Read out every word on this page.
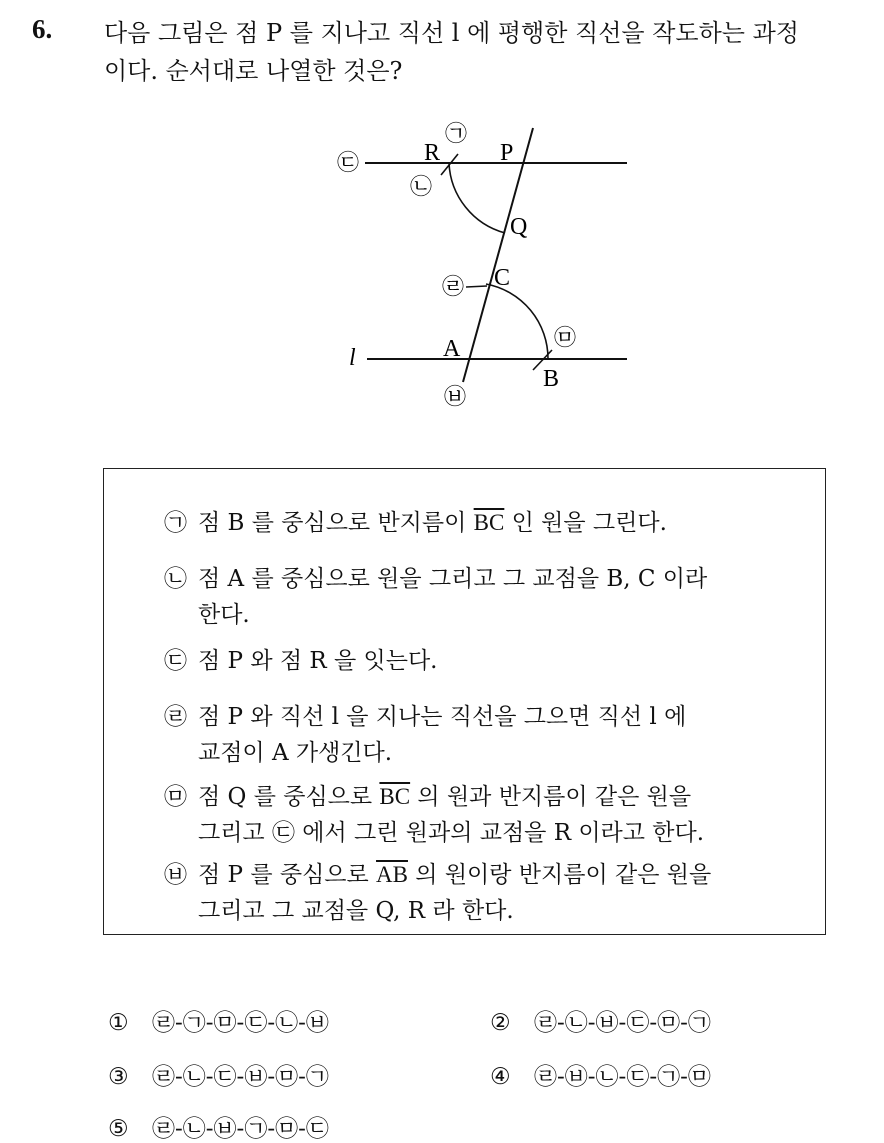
6. 다음 그림은 점 P 를 지나고 직선 l 에 평행한 직선을 작도하는 과정
이다. 순서대로 나열한 것은?
R P
Q
C
A
B
l
㉠
㉢
㉡
㉣
㉤
㉥
㉠ 점 B 를 중심으로 반지름이 $\overline{BC}$ 인 원을 그린다.
㉡ 점 A 를 중심으로 원을 그리고 그 교점을 B, C 이라
한다.
㉢ 점 P 와 점 R 을 잇는다.
㉣ 점 P 와 직선 l 을 지나는 직선을 그으면 직선 l 에
교점이 A 가생긴다.
㉤ 점 Q 를 중심으로 $\overline{BC}$ 의 원과 반지름이 같은 원을
그리고 ㉢ 에서 그린 원과의 교점을 R 이라고 한다.
㉥ 점 P 를 중심으로 $\overline{AB}$ 의 원이랑 반지름이 같은 원을
그리고 그 교점을 Q, R 라 한다.
① ㉣-㉠-㉤-㉢-㉡-㉥	② ㉣-㉡-㉥-㉢-㉤-㉠
③ ㉣-㉡-㉢-㉥-㉤-㉠	④ ㉣-㉥-㉡-㉢-㉠-㉤
⑤ ㉣-㉡-㉥-㉠-㉤-㉢
